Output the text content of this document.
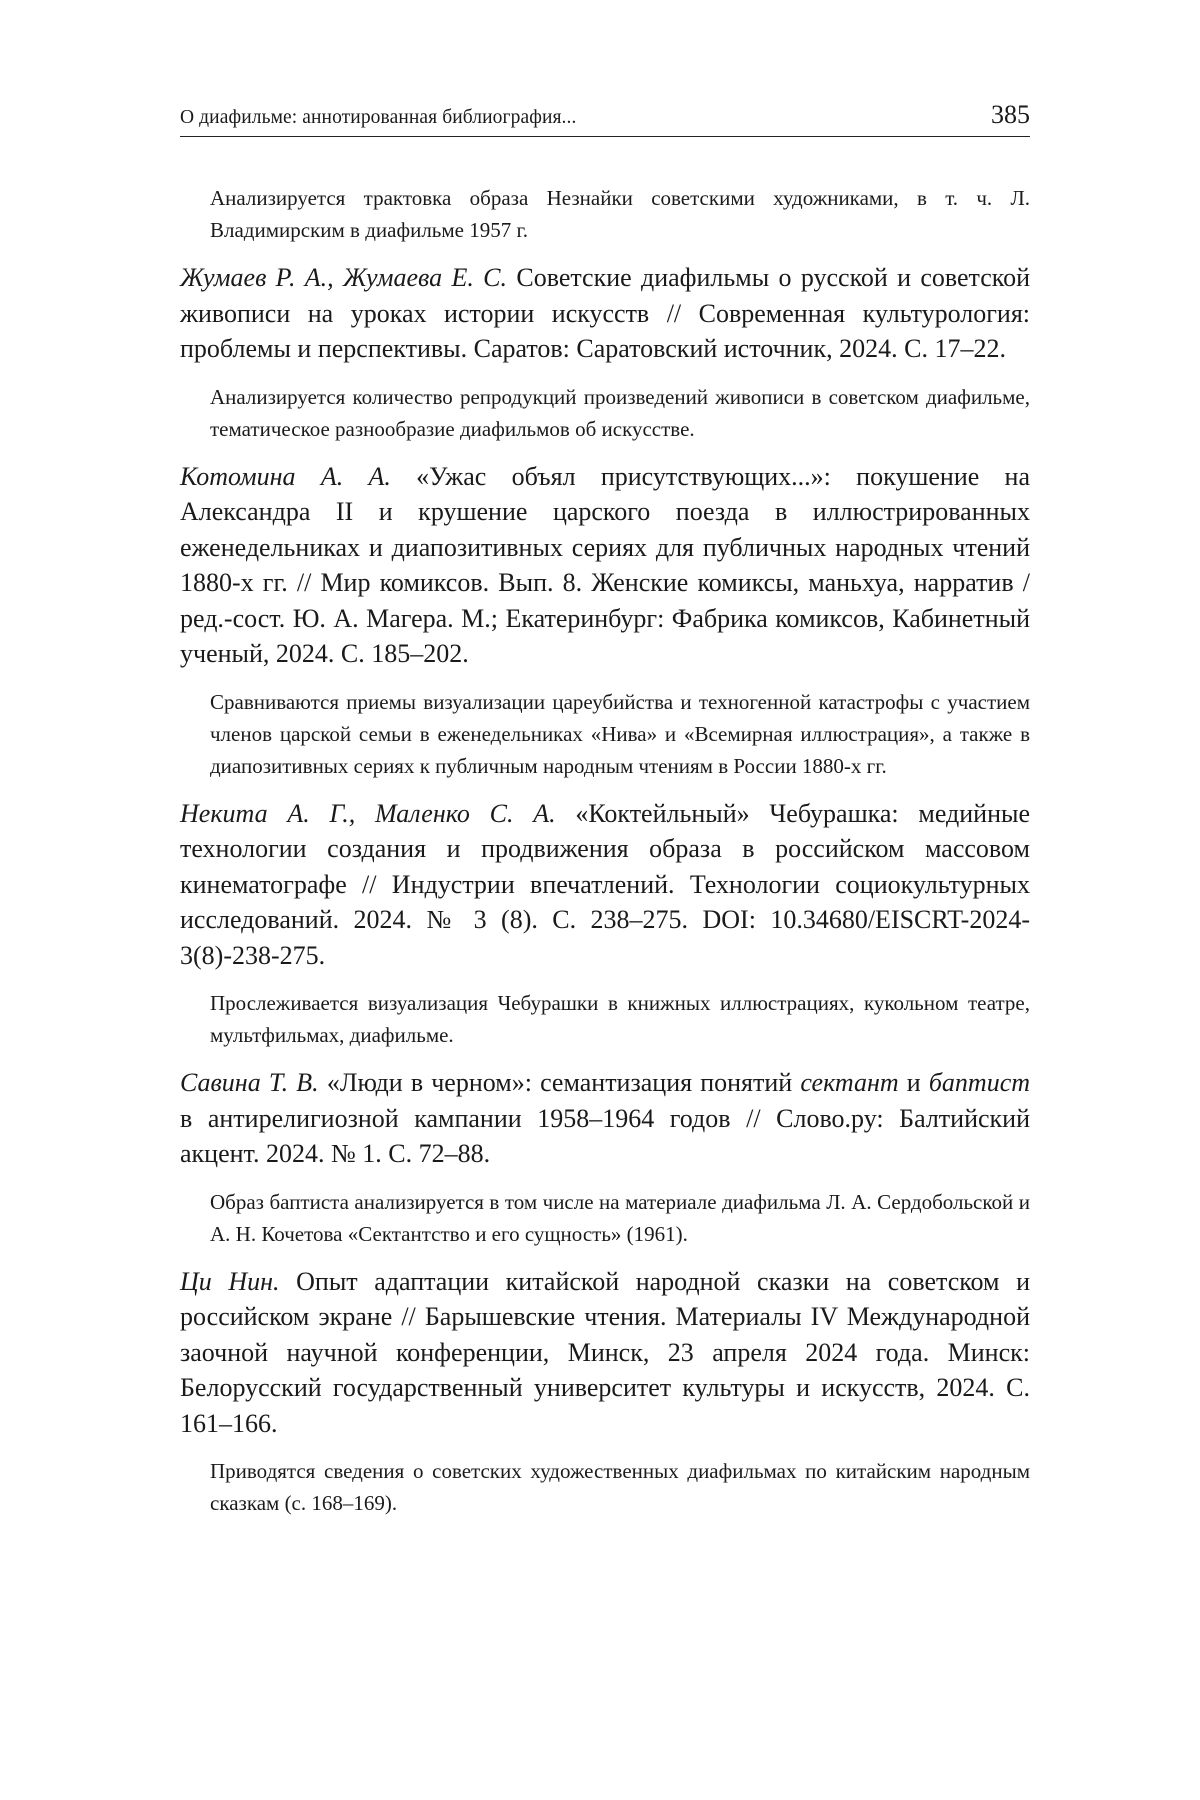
О диафильме: аннотированная библиография...	385

Анализируется трактовка образа Незнайки советскими художниками, в т. ч. Л. Владимирским в диафильме 1957 г.

Жумаев Р. А., Жумаева Е. С. Советские диафильмы о русской и советской живописи на уроках истории искусств // Современная культурология: проблемы и перспективы. Саратов: Саратовский источник, 2024. С. 17–22.

Анализируется количество репродукций произведений живописи в советском диафильме, тематическое разнообразие диафильмов об искусстве.

Котомина А. А. «Ужас объял присутствующих...»: покушение на Александра II и крушение царского поезда в иллюстрированных еженедельниках и диапозитивных сериях для публичных народных чтений 1880-х гг. // Мир комиксов. Вып. 8. Женские комиксы, маньхуа, нарратив / ред.-сост. Ю. А. Магера. М.; Екатеринбург: Фабрика комиксов, Кабинетный ученый, 2024. С. 185–202.

Сравниваются приемы визуализации цареубийства и техногенной катастрофы с участием членов царской семьи в еженедельниках «Нива» и «Всемирная иллюстрация», а также в диапозитивных сериях к публичным народным чтениям в России 1880-х гг.

Некита А. Г., Маленко С. А. «Коктейльный» Чебурашка: медийные технологии создания и продвижения образа в российском массовом кинематографе // Индустрии впечатлений. Технологии социокультурных исследований. 2024. № 3 (8). С. 238–275. DOI: 10.34680/EISCRT-2024-3(8)-238-275.

Прослеживается визуализация Чебурашки в книжных иллюстрациях, кукольном театре, мультфильмах, диафильме.

Савина Т. В. «Люди в черном»: семантизация понятий сектант и баптист в антирелигиозной кампании 1958–1964 годов // Слово.ру: Балтийский акцент. 2024. № 1. С. 72–88.

Образ баптиста анализируется в том числе на материале диафильма Л. А. Сердобольской и А. Н. Кочетова «Сектантство и его сущность» (1961).

Ци Нин. Опыт адаптации китайской народной сказки на советском и российском экране // Барышевские чтения. Материалы IV Международной заочной научной конференции, Минск, 23 апреля 2024 года. Минск: Белорусский государственный университет культуры и искусств, 2024. С. 161–166.

Приводятся сведения о советских художественных диафильмах по китайским народным сказкам (с. 168–169).
